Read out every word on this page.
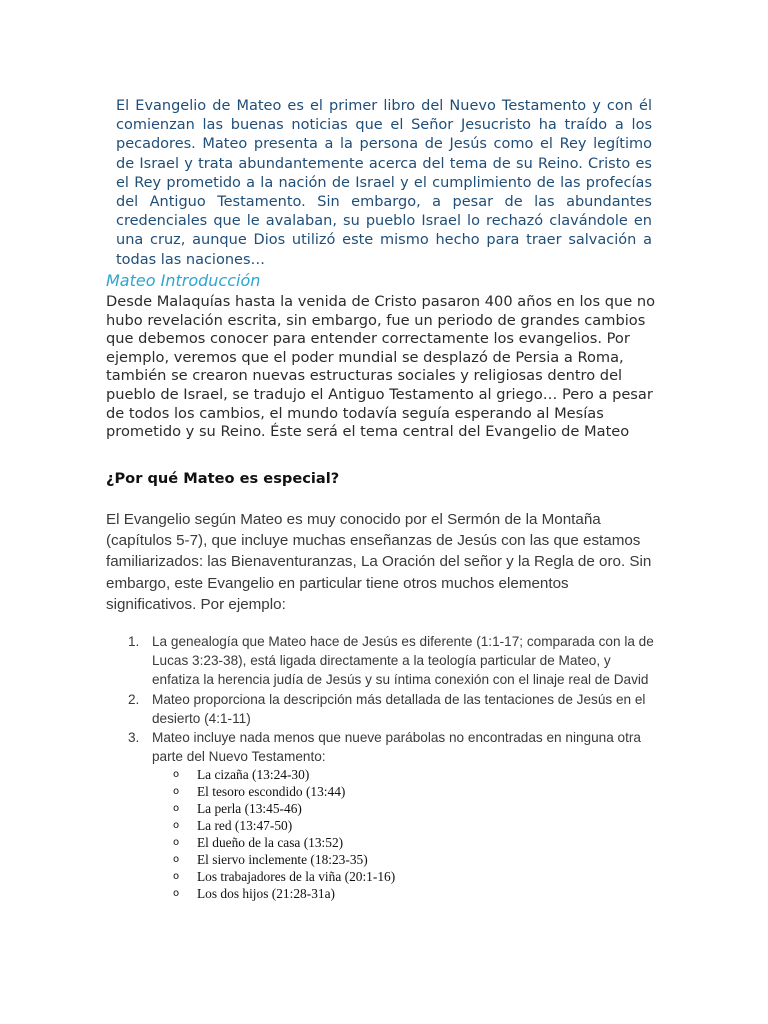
El Evangelio de Mateo es el primer libro del Nuevo Testamento y con él comienzan las buenas noticias que el Señor Jesucristo ha traído a los pecadores. Mateo presenta a la persona de Jesús como el Rey legítimo de Israel y trata abundantemente acerca del tema de su Reino. Cristo es el Rey prometido a la nación de Israel y el cumplimiento de las profecías del Antiguo Testamento. Sin embargo, a pesar de las abundantes credenciales que le avalaban, su pueblo Israel lo rechazó clavándole en una cruz, aunque Dios utilizó este mismo hecho para traer salvación a todas las naciones…

Mateo Introducción

Desde Malaquías hasta la venida de Cristo pasaron 400 años en los que no hubo revelación escrita, sin embargo, fue un periodo de grandes cambios que debemos conocer para entender correctamente los evangelios. Por ejemplo, veremos que el poder mundial se desplazó de Persia a Roma, también se crearon nuevas estructuras sociales y religiosas dentro del pueblo de Israel, se tradujo el Antiguo Testamento al griego… Pero a pesar de todos los cambios, el mundo todavía seguía esperando al Mesías prometido y su Reino. Éste será el tema central del Evangelio de Mateo

¿Por qué Mateo es especial?

El Evangelio según Mateo es muy conocido por el Sermón de la Montaña (capítulos 5-7), que incluye muchas enseñanzas de Jesús con las que estamos familiarizados: las Bienaventuranzas, La Oración del señor y la Regla de oro. Sin embargo, este Evangelio en particular tiene otros muchos elementos significativos. Por ejemplo:

1. La genealogía que Mateo hace de Jesús es diferente (1:1-17; comparada con la de Lucas 3:23-38), está ligada directamente a la teología particular de Mateo, y enfatiza la herencia judía de Jesús y su íntima conexión con el linaje real de David
2. Mateo proporciona la descripción más detallada de las tentaciones de Jesús en el desierto (4:1-11)
3. Mateo incluye nada menos que nueve parábolas no encontradas en ninguna otra parte del Nuevo Testamento:
o La cizaña (13:24-30)
o El tesoro escondido (13:44)
o La perla (13:45-46)
o La red (13:47-50)
o El dueño de la casa (13:52)
o El siervo inclemente (18:23-35)
o Los trabajadores de la viña (20:1-16)
o Los dos hijos (21:28-31a)
